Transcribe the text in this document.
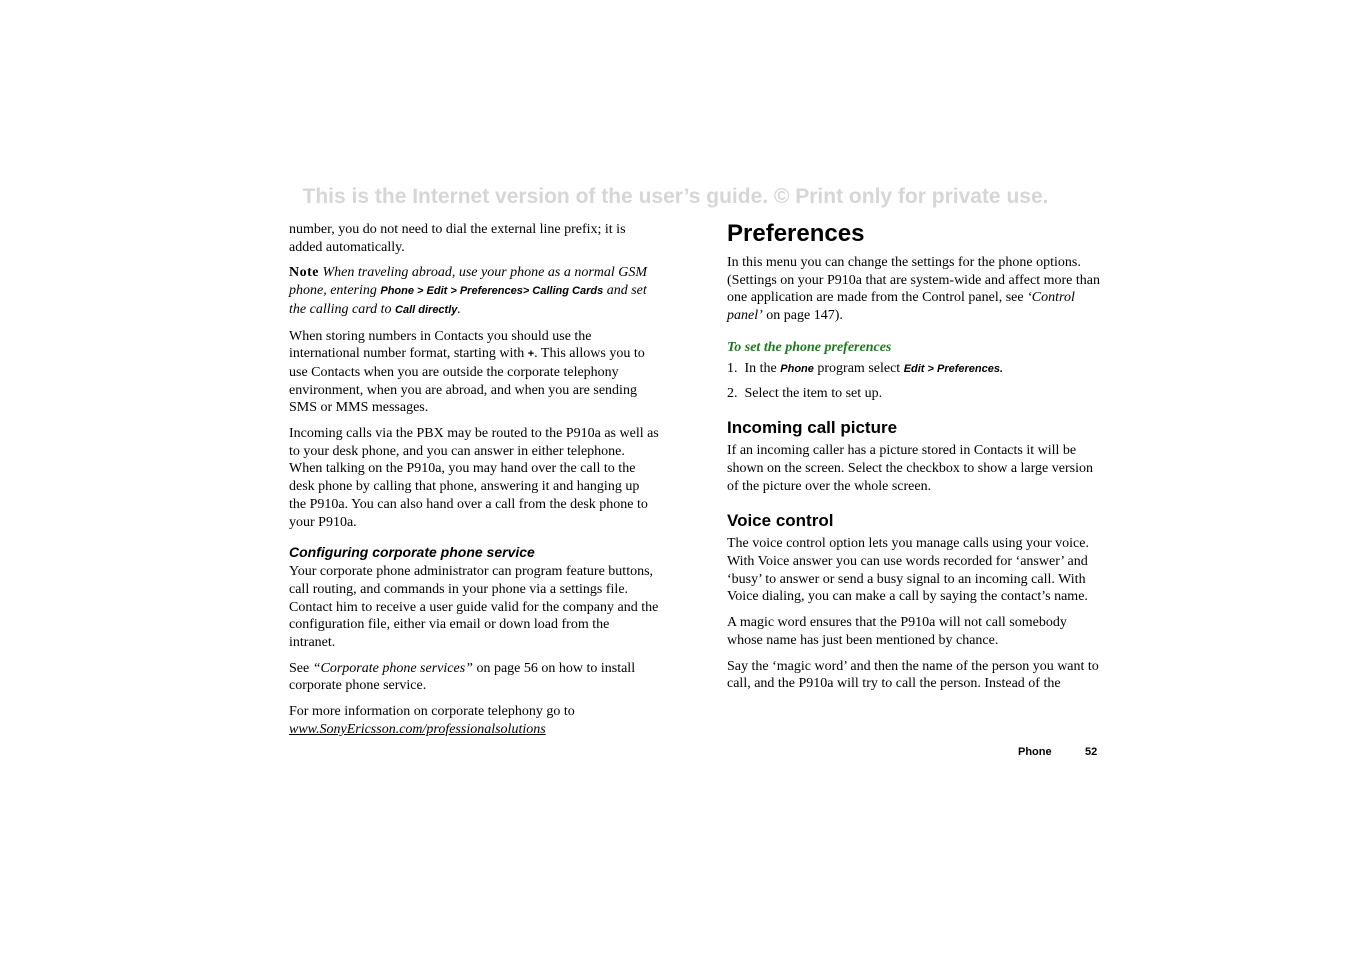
This is the Internet version of the user’s guide. © Print only for private use.

number, you do not need to dial the external line prefix; it is added automatically.

Note When traveling abroad, use your phone as a normal GSM phone, entering Phone > Edit > Preferences> Calling Cards and set the calling card to Call directly.

When storing numbers in Contacts you should use the international number format, starting with +. This allows you to use Contacts when you are outside the corporate telephony environment, when you are abroad, and when you are sending SMS or MMS messages.

Incoming calls via the PBX may be routed to the P910a as well as to your desk phone, and you can answer in either telephone. When talking on the P910a, you may hand over the call to the desk phone by calling that phone, answering it and hanging up the P910a. You can also hand over a call from the desk phone to your P910a.

Configuring corporate phone service

Your corporate phone administrator can program feature buttons, call routing, and commands in your phone via a settings file. Contact him to receive a user guide valid for the company and the configuration file, either via email or down load from the intranet.

See “Corporate phone services” on page 56 on how to install corporate phone service.

For more information on corporate telephony go to www.SonyEricsson.com/professionalsolutions

Preferences

In this menu you can change the settings for the phone options. (Settings on your P910a that are system-wide and affect more than one application are made from the Control panel, see ‘Control panel’ on page 147).

To set the phone preferences
1. In the Phone program select Edit > Preferences.
2. Select the item to set up.
Incoming call picture

If an incoming caller has a picture stored in Contacts it will be shown on the screen. Select the checkbox to show a large version of the picture over the whole screen.

Voice control

The voice control option lets you manage calls using your voice. With Voice answer you can use words recorded for ‘answer’ and ‘busy’ to answer or send a busy signal to an incoming call. With Voice dialing, you can make a call by saying the contact’s name.

A magic word ensures that the P910a will not call somebody whose name has just been mentioned by chance.

Say the ‘magic word’ and then the name of the person you want to call, and the P910a will try to call the person. Instead of the

Phone	52
